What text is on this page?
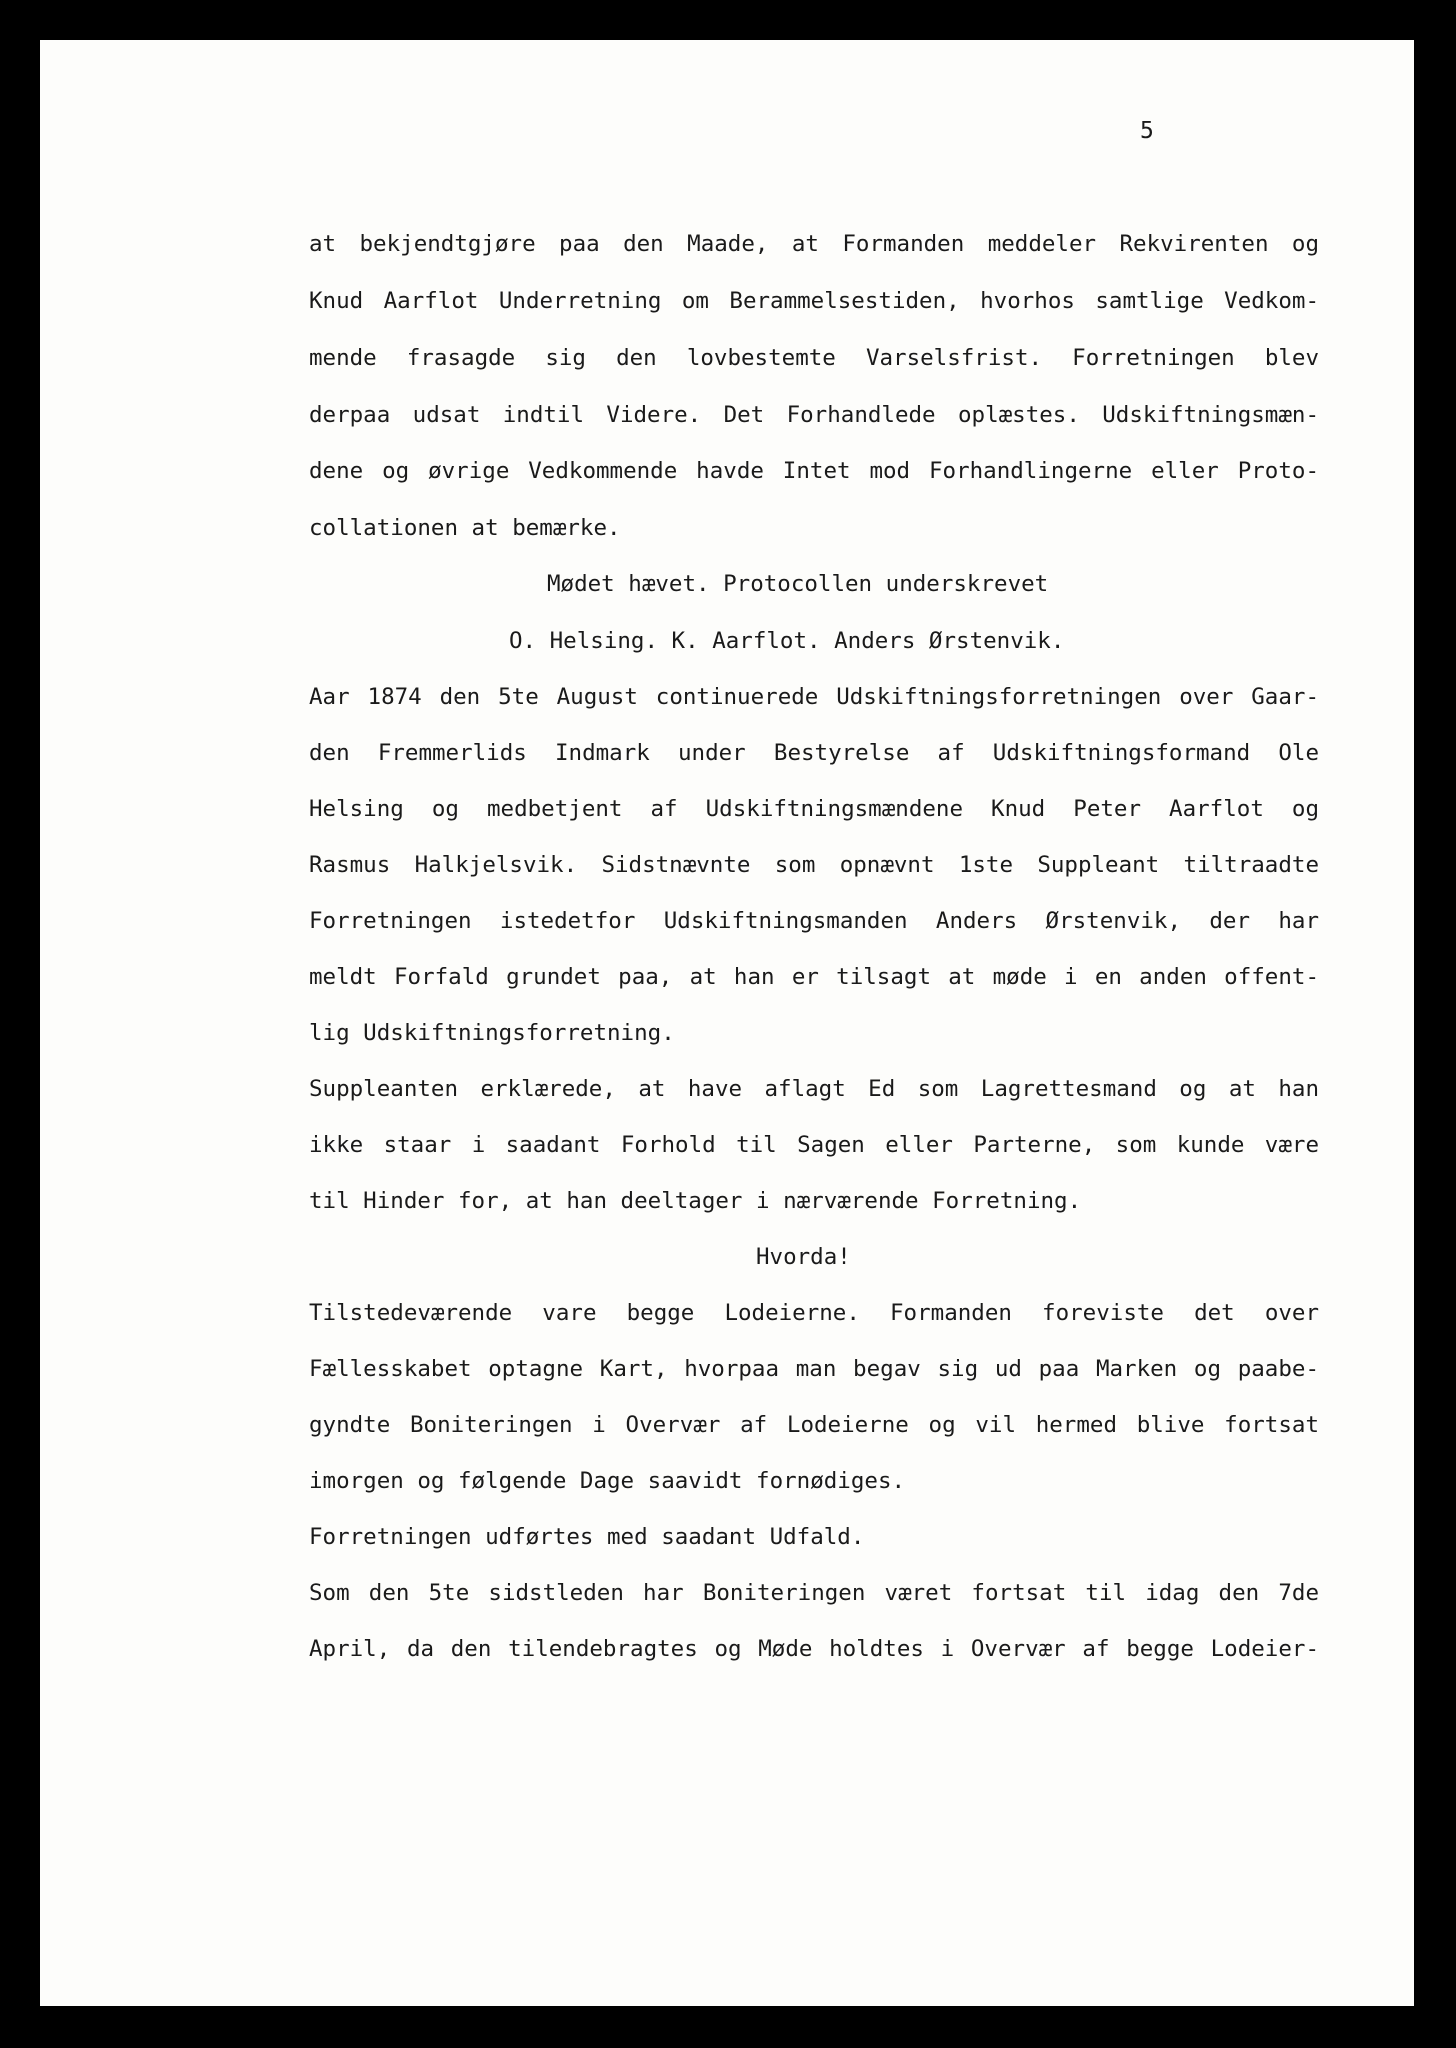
5
at bekjendtgjøre paa den Maade, at Formanden meddeler Rekvirenten og
Knud Aarflot Underretning om Berammelsestiden, hvorhos samtlige Vedkom-
mende frasagde sig den lovbestemte Varselsfrist. Forretningen blev
derpaa udsat indtil Videre. Det Forhandlede oplæstes. Udskiftningsmæn-
dene og øvrige Vedkommende havde Intet mod Forhandlingerne eller Proto-
collationen at bemærke.
Mødet hævet. Protocollen underskrevet
O. Helsing. K. Aarflot. Anders Ørstenvik.
Aar 1874 den 5te August continuerede Udskiftningsforretningen over Gaar-
den Fremmerlids Indmark under Bestyrelse af Udskiftningsformand Ole
Helsing og medbetjent af Udskiftningsmændene Knud Peter Aarflot og
Rasmus Halkjelsvik. Sidstnævnte som opnævnt 1ste Suppleant tiltraadte
Forretningen istedetfor Udskiftningsmanden Anders Ørstenvik, der har
meldt Forfald grundet paa, at han er tilsagt at møde i en anden offent-
lig Udskiftningsforretning.
Suppleanten erklærede, at have aflagt Ed som Lagrettesmand og at han
ikke staar i saadant Forhold til Sagen eller Parterne, som kunde være
til Hinder for, at han deeltager i nærværende Forretning.
Hvorda!
Tilstedeværende vare begge Lodeierne. Formanden foreviste det over
Fællesskabet optagne Kart, hvorpaa man begav sig ud paa Marken og paabe-
gyndte Boniteringen i Overvær af Lodeierne og vil hermed blive fortsat
imorgen og følgende Dage saavidt fornødiges.
Forretningen udførtes med saadant Udfald.
Som den 5te sidstleden har Boniteringen været fortsat til idag den 7de
April, da den tilendebragtes og Møde holdtes i Overvær af begge Lodeier-
